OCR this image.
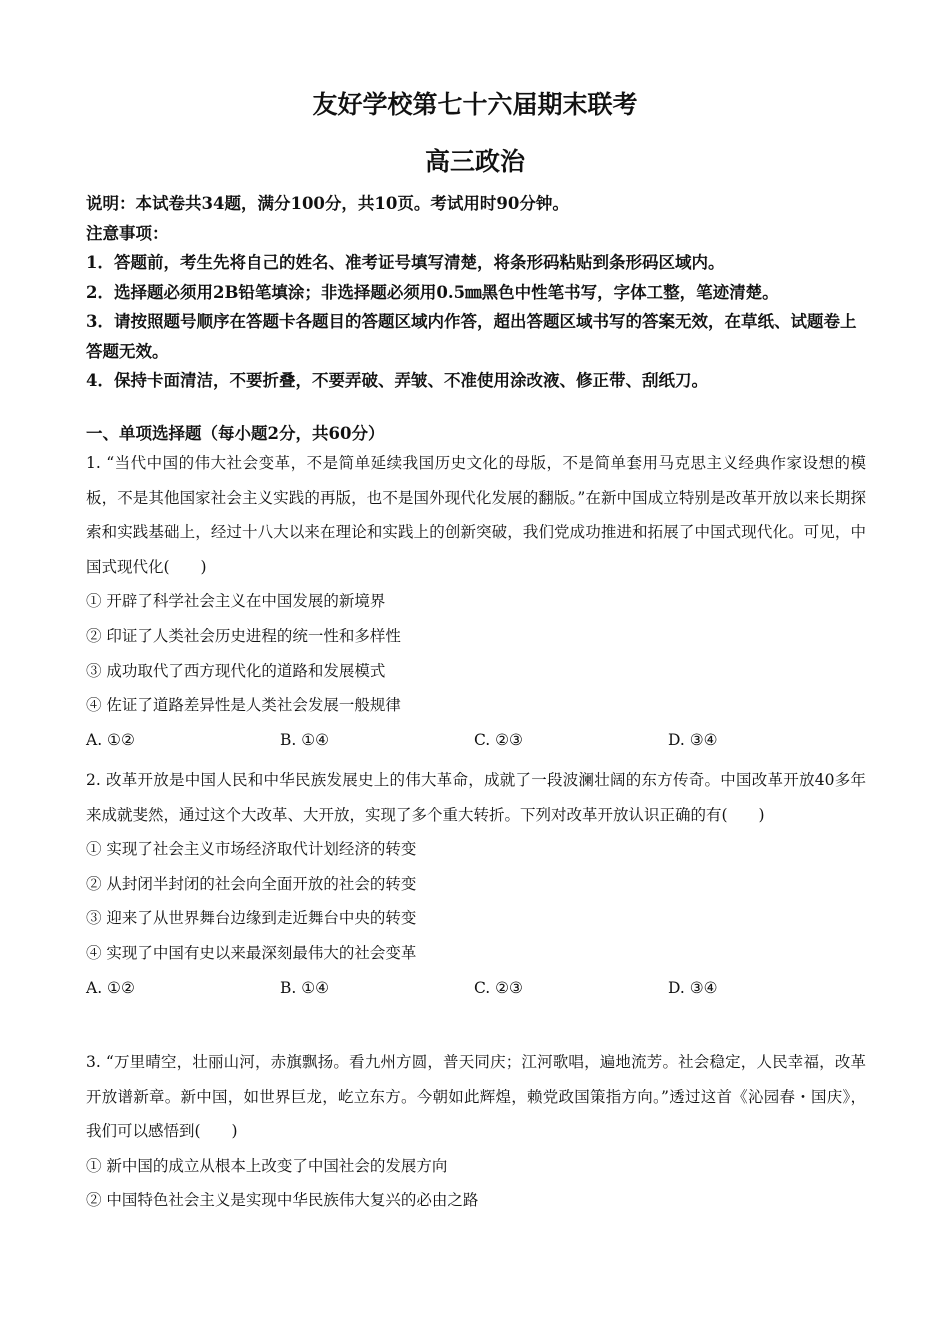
友好学校第七十六届期末联考
高三政治

说明：本试卷共34题，满分100分，共10页。考试用时90分钟。

注意事项：

1．答题前，考生先将自己的姓名、准考证号填写清楚，将条形码粘贴到条形码区域内。

2．选择题必须用2B铅笔填涂；非选择题必须用0.5㎜黑色中性笔书写，字体工整，笔迹清楚。

3．请按照题号顺序在答题卡各题目的答题区域内作答，超出答题区域书写的答案无效，在草纸、试题卷上答题无效。

4．保持卡面清洁，不要折叠，不要弄破、弄皱、不准使用涂改液、修正带、刮纸刀。

一、单项选择题（每小题2分，共60分）

1. “当代中国的伟大社会变革，不是简单延续我国历史文化的母版，不是简单套用马克思主义经典作家设想的模板，不是其他国家社会主义实践的再版，也不是国外现代化发展的翻版。”在新中国成立特别是改革开放以来长期探索和实践基础上，经过十八大以来在理论和实践上的创新突破，我们党成功推进和拓展了中国式现代化。可见，中国式现代化(　　)

① 开辟了科学社会主义在中国发展的新境界

② 印证了人类社会历史进程的统一性和多样性

③ 成功取代了西方现代化的道路和发展模式

④ 佐证了道路差异性是人类社会发展一般规律

A. ①②	B. ①④	C. ②③	D. ③④

2. 改革开放是中国人民和中华民族发展史上的伟大革命，成就了一段波澜壮阔的东方传奇。中国改革开放40多年来成就斐然，通过这个大改革、大开放，实现了多个重大转折。下列对改革开放认识正确的有(　　)

① 实现了社会主义市场经济取代计划经济的转变

② 从封闭半封闭的社会向全面开放的社会的转变

③ 迎来了从世界舞台边缘到走近舞台中央的转变

④ 实现了中国有史以来最深刻最伟大的社会变革

A. ①②	B. ①④	C. ②③	D. ③④

3. “万里晴空，壮丽山河，赤旗飘扬。看九州方圆，普天同庆；江河歌唱，遍地流芳。社会稳定，人民幸福，改革开放谱新章。新中国，如世界巨龙，屹立东方。今朝如此辉煌，赖党政国策指方向。”透过这首《沁园春・国庆》，我们可以感悟到(　　)

① 新中国的成立从根本上改变了中国社会的发展方向

② 中国特色社会主义是实现中华民族伟大复兴的必由之路
